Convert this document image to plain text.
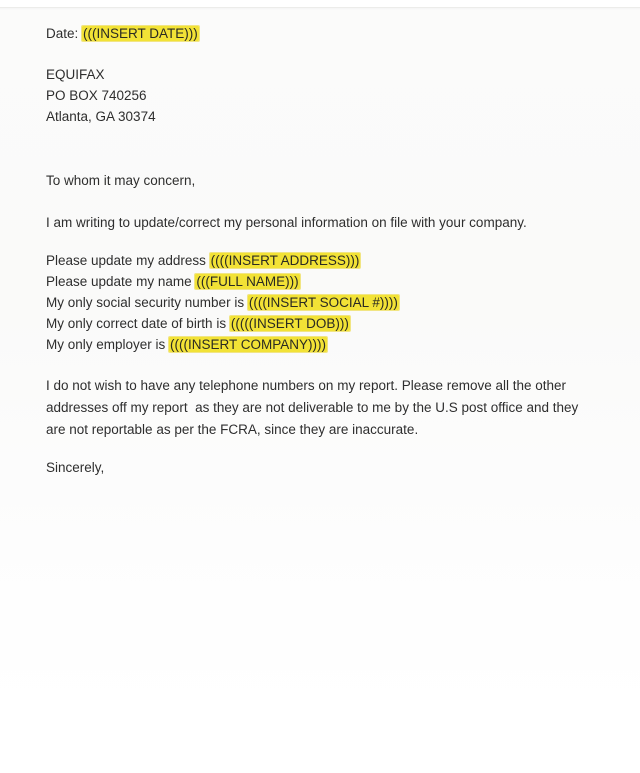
Date: (((INSERT DATE)))

EQUIFAX

PO BOX 740256

Atlanta, GA 30374

To whom it may concern,

I am writing to update/correct my personal information on file with your company.

Please update my address ((((INSERT ADDRESS)))

Please update my name (((FULL NAME)))

My only social security number is ((((INSERT SOCIAL #))))

My only correct date of birth is (((((INSERT DOB)))

My only employer is ((((INSERT COMPANY))))

I do not wish to have any telephone numbers on my report. Please remove all the other
addresses off my report  as they are not deliverable to me by the U.S post office and they
are not reportable as per the FCRA, since they are inaccurate.

Sincerely,
